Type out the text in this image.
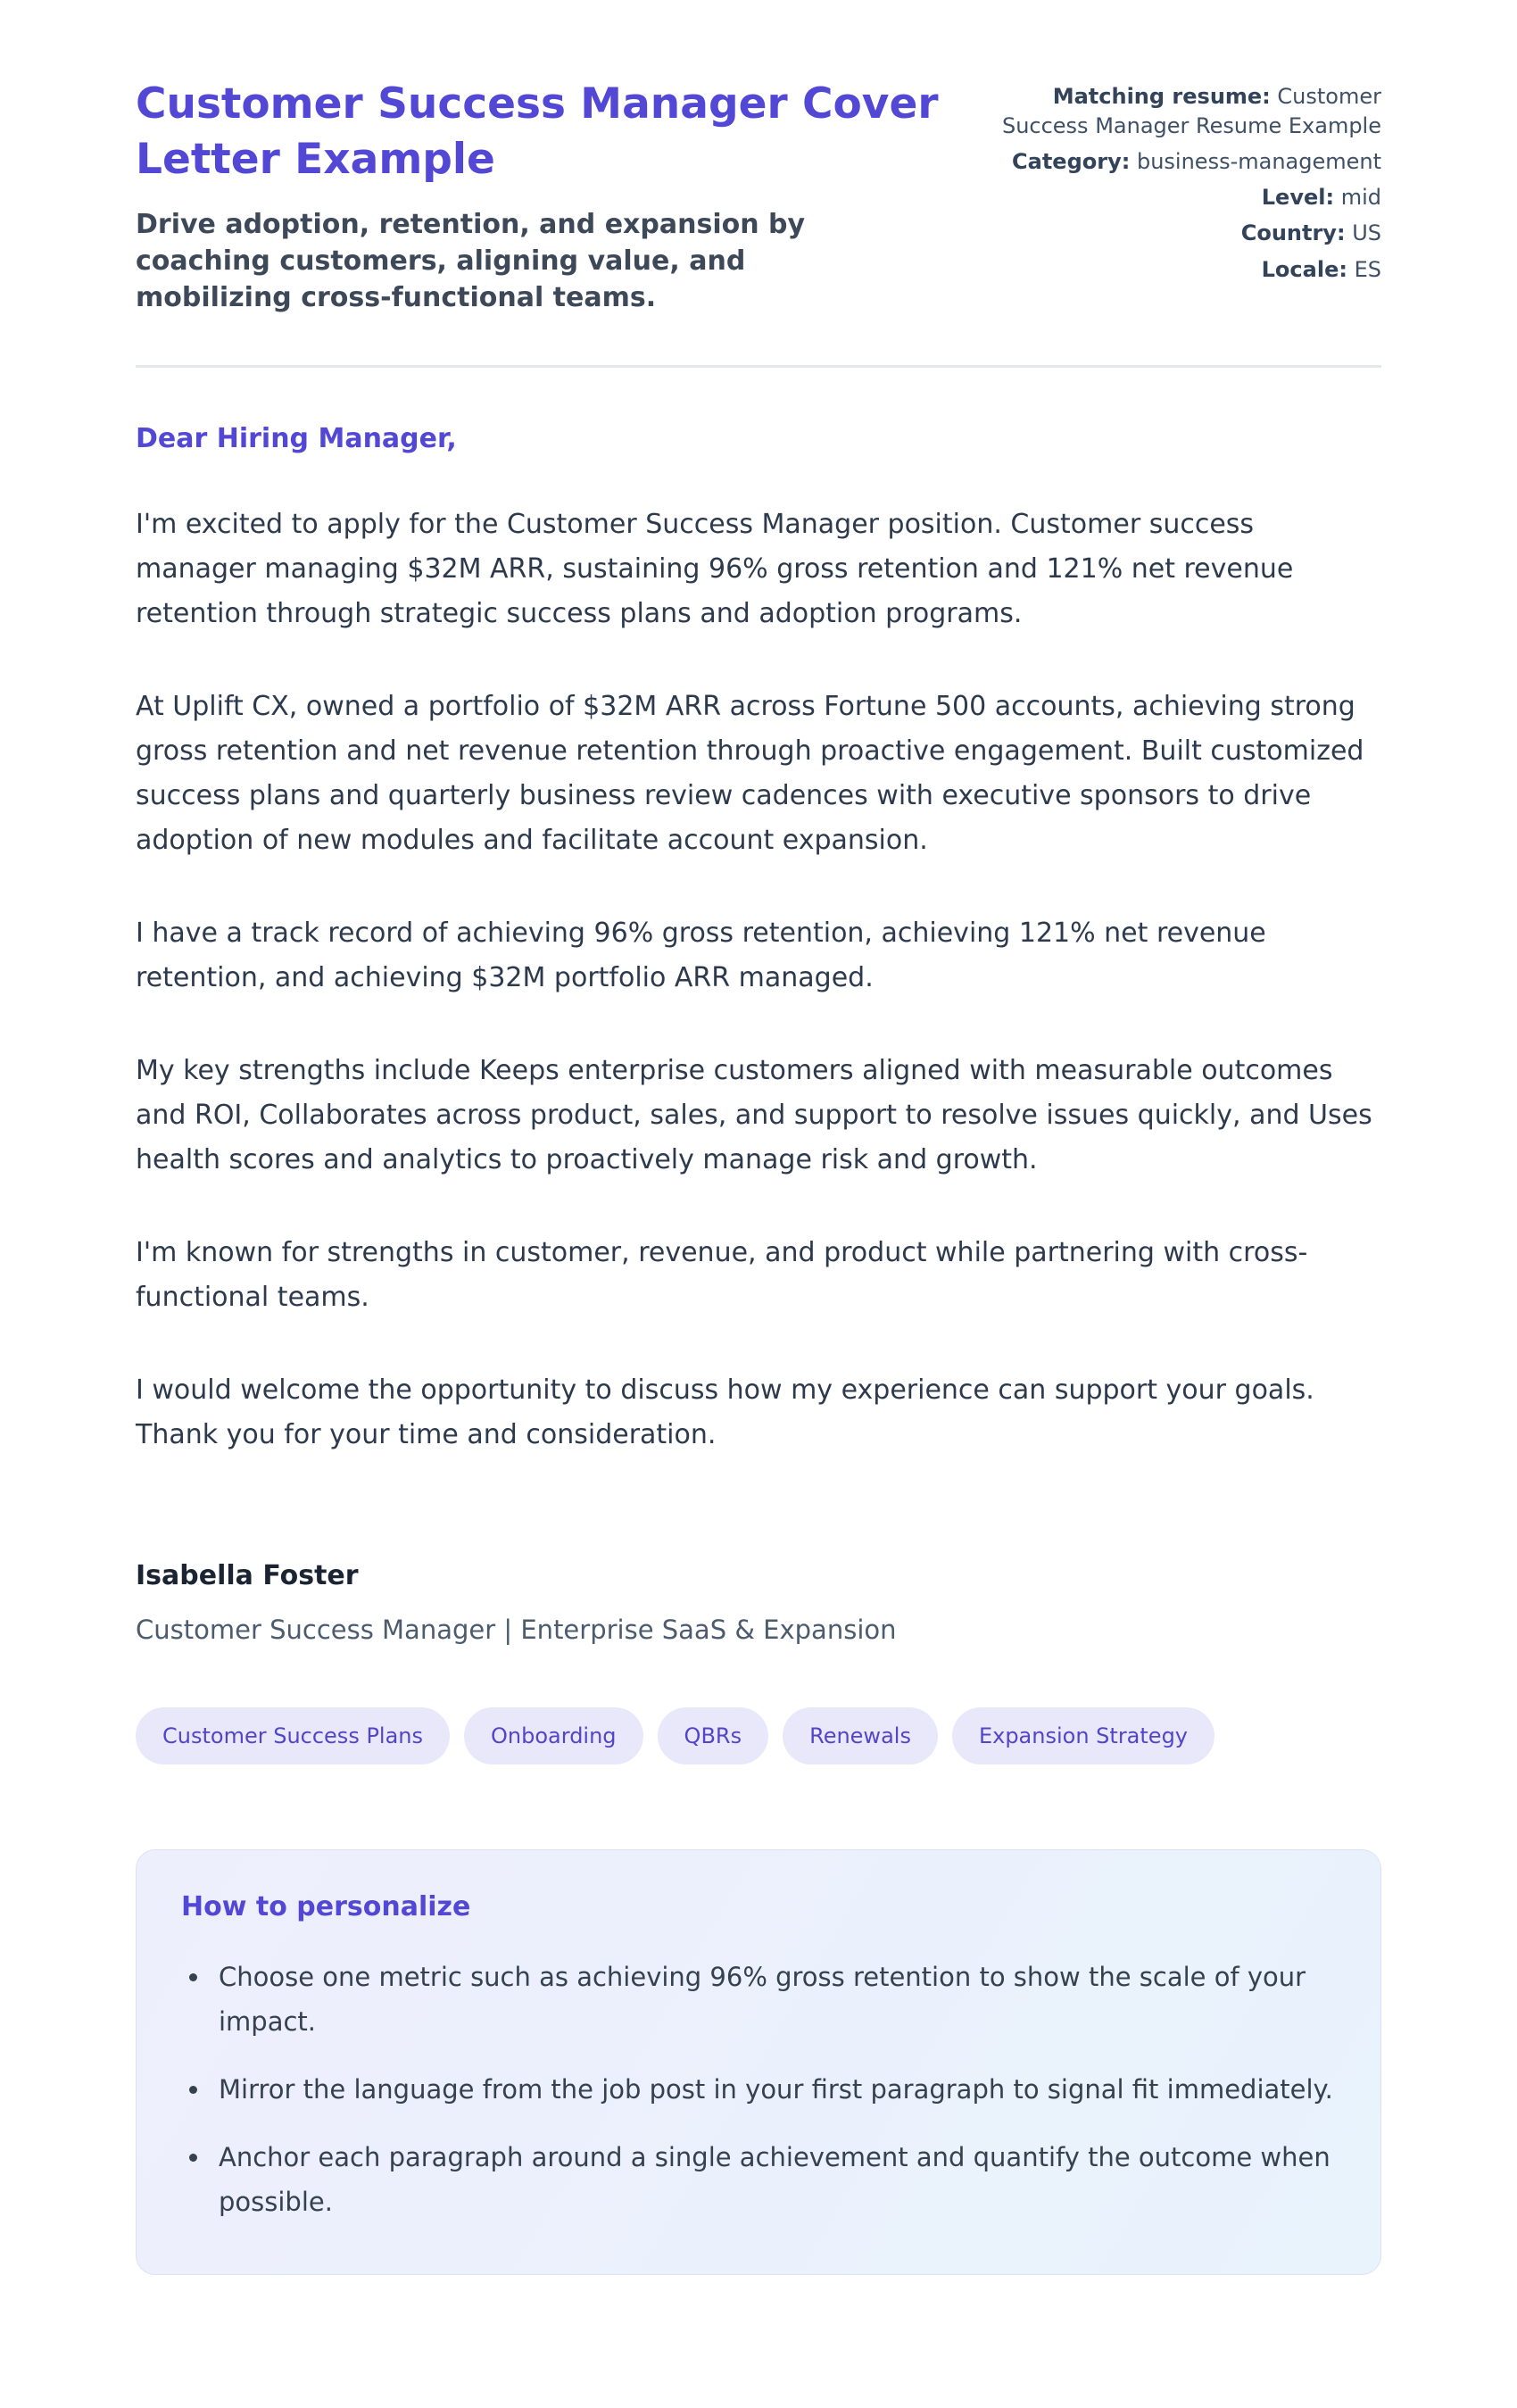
Customer Success Manager Cover Letter Example

Drive adoption, retention, and expansion by coaching customers, aligning value, and mobilizing cross-functional teams.

Matching resume: Customer Success Manager Resume Example
Category: business-management
Level: mid
Country: US
Locale: ES

Dear Hiring Manager,

I'm excited to apply for the Customer Success Manager position. Customer success manager managing $32M ARR, sustaining 96% gross retention and 121% net revenue retention through strategic success plans and adoption programs.

At Uplift CX, owned a portfolio of $32M ARR across Fortune 500 accounts, achieving strong gross retention and net revenue retention through proactive engagement. Built customized success plans and quarterly business review cadences with executive sponsors to drive adoption of new modules and facilitate account expansion.

I have a track record of achieving 96% gross retention, achieving 121% net revenue retention, and achieving $32M portfolio ARR managed.

My key strengths include Keeps enterprise customers aligned with measurable outcomes and ROI, Collaborates across product, sales, and support to resolve issues quickly, and Uses health scores and analytics to proactively manage risk and growth.

I'm known for strengths in customer, revenue, and product while partnering with cross-functional teams.

I would welcome the opportunity to discuss how my experience can support your goals. Thank you for your time and consideration.

Isabella Foster

Customer Success Manager | Enterprise SaaS & Expansion

Customer Success Plans	Onboarding	QBRs	Renewals	Expansion Strategy
How to personalize
• Choose one metric such as achieving 96% gross retention to show the scale of your impact.
• Mirror the language from the job post in your first paragraph to signal fit immediately.
• Anchor each paragraph around a single achievement and quantify the outcome when possible.
